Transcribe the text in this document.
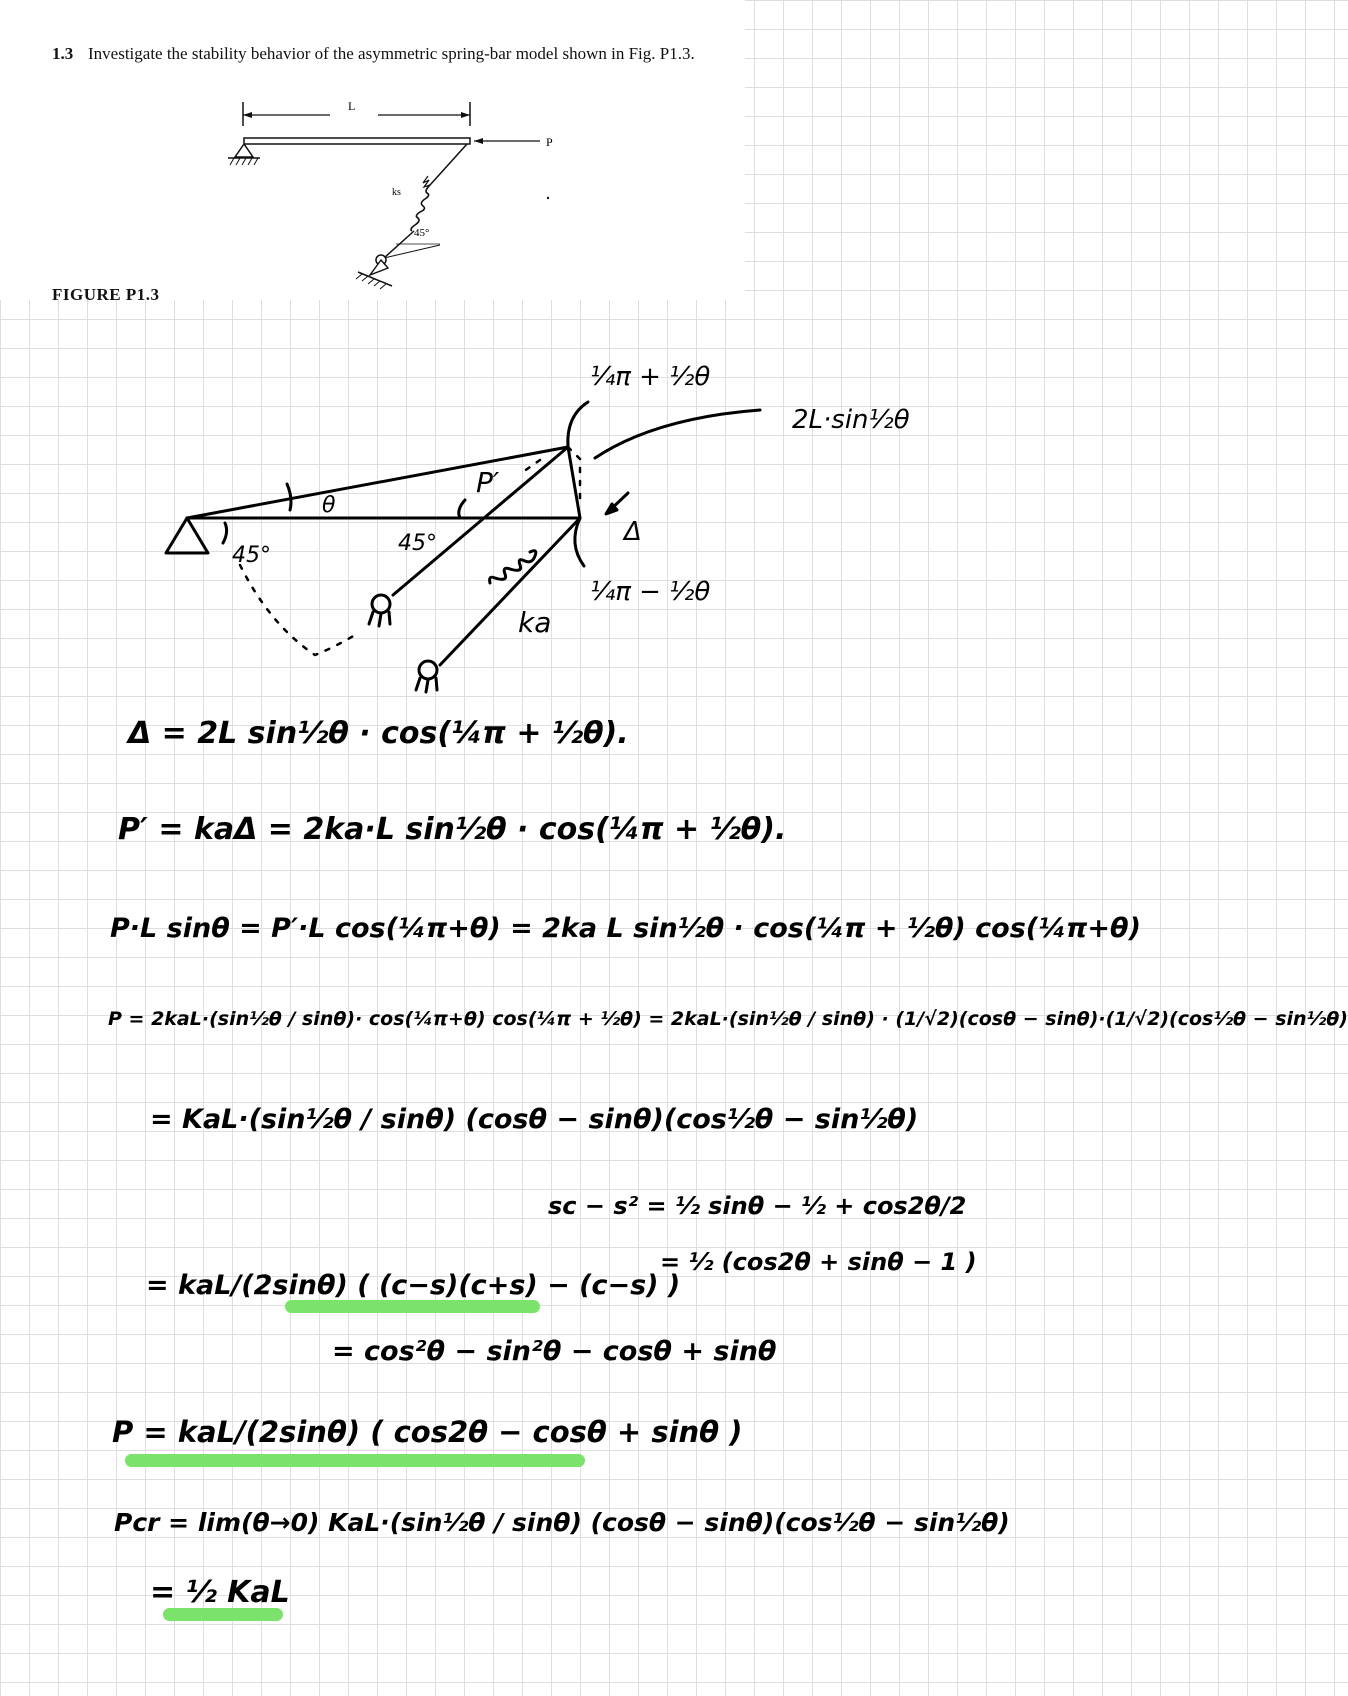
1.3 Investigate the stability behavior of the asymmetric spring-bar model shown in Fig. P1.3.
L
P
ks
45°
FIGURE P1.3
¼π + ½θ
2L·sin½θ
θ
45°	45°
P′
Δ
¼π − ½θ
ka
Δ = 2L sin½θ · cos(¼π + ½θ).
P′ = kaΔ = 2ka·L sin½θ · cos(¼π + ½θ).
P·L sinθ = P′·L cos(¼π+θ) = 2ka L sin½θ · cos(¼π + ½θ) cos(¼π+θ)
P = 2kaL·(sin½θ / sinθ)· cos(¼π+θ) cos(¼π + ½θ) = 2kaL·(sin½θ / sinθ) · (1/√2)(cosθ − sinθ)·(1/√2)(cos½θ − sin½θ)
= KaL·(sin½θ / sinθ) (cosθ − sinθ)(cos½θ − sin½θ)
sc − s² = ½ sinθ − ½ + cos2θ/2
= ½ (cos2θ + sinθ − 1 )
= kaL/(2sinθ) ( (c−s)(c+s) − (c−s) )
= cos²θ − sin²θ − cosθ + sinθ
P = kaL/(2sinθ) ( cos2θ − cosθ + sinθ )
Pcr = lim(θ→0) KaL·(sin½θ / sinθ) (cosθ − sinθ)(cos½θ − sin½θ)
= ½ KaL
